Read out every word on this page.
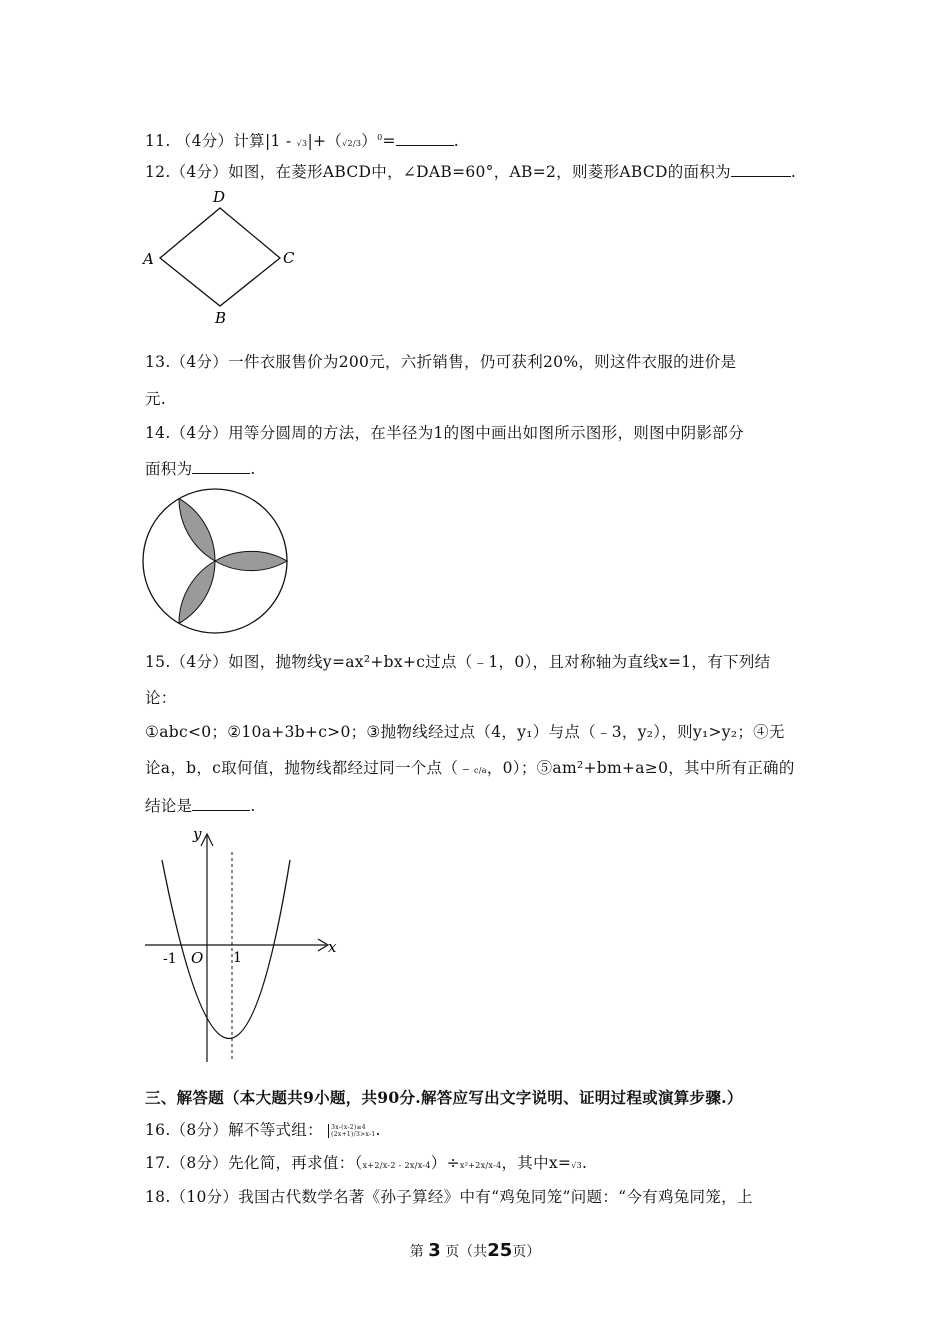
11. （4分）计算$|1 - √3|+(√2/3)^0=$	.
12.（4分）如图，在菱形ABCD中，∠DAB=60°，AB=2，则菱形ABCD的面积为	.
D
C
B
A
13.（4分）一件衣服售价为200元，六折销售，仍可获利20%，则这件衣服的进价是
元.
14.（4分）用等分圆周的方法，在半径为1的图中画出如图所示图形，则图中阴影部分
面积为	.
15.（4分）如图，抛物线y=ax²+bx+c过点（﹣1，0），且对称轴为直线x=1，有下列结
论：
①abc<0；②10a+3b+c>0；③抛物线经过点（4，y₁）与点（﹣3，y₂），则y₁>y₂；④无
论a，b，c取何值，抛物线都经过同一个点（﹣c/a，0）；⑤am²+bm+a≥0，其中所有正确的
结论是	.
y
x
O
-1	1
三、解答题（本大题共9小题，共90分.解答应写出文字说明、证明过程或演算步骤.）
16.（8分）解不等式组： 3x-(x-2)≥4
(2x+1)/3>x-1 .
17.（8分）先化简，再求值：（x+2/x-2 - 2x/x-4）÷x²+2x/x-4，其中x=√3.
18.（10分）我国古代数学名著《孙子算经》中有“鸡兔同笼”问题：“今有鸡兔同笼，上
第 3 页（共25页）
